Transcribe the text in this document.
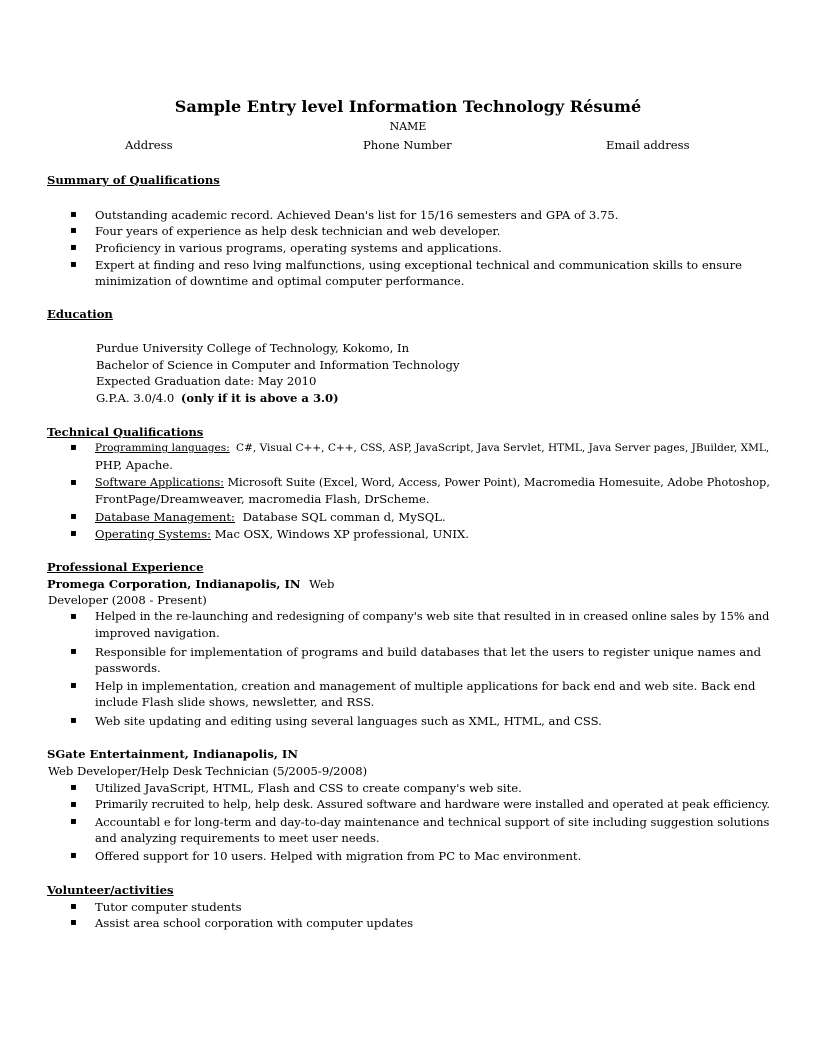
Sample Entry level Information Technology Résumé
NAME
Address	Phone Number	Email address
Summary of Qualifications
▪ Outstanding academic record. Achieved Dean's list for 15/16 semesters and GPA of 3.75.
▪ Four years of experience as help desk technician and web developer.
▪ Proficiency in various programs, operating systems and applications.
▪ Expert at finding and reso lving malfunctions, using exceptional technical and communication skills to ensure
minimization of downtime and optimal computer performance.
Education
Purdue University College of Technology, Kokomo, In
Bachelor of Science in Computer and Information Technology
Expected Graduation date: May 2010
G.P.A. 3.0/4.0 (only if it is above a 3.0)
Technical Qualifications
▪ Programming languages: C#, Visual C++, C++, CSS, ASP, JavaScript, Java Servlet, HTML, Java Server pages, JBuilder, XML,
PHP, Apache.
▪ Software Applications: Microsoft Suite (Excel, Word, Access, Power Point), Macromedia Homesuite, Adobe Photoshop,
FrontPage/Dreamweaver, macromedia Flash, DrScheme.
▪ Database Management: Database SQL comman d, MySQL.
▪ Operating Systems: Mac OSX, Windows XP professional, UNIX.
Professional Experience
Promega Corporation, Indianapolis, IN Web
Developer (2008 - Present)
▪ Helped in the re-launching and redesigning of company's web site that resulted in in creased online sales by 15% and
improved navigation.
▪ Responsible for implementation of programs and build databases that let the users to register unique names and
passwords.
▪ Help in implementation, creation and management of multiple applications for back end and web site. Back end
include Flash slide shows, newsletter, and RSS.
▪ Web site updating and editing using several languages such as XML, HTML, and CSS.
SGate Entertainment, Indianapolis, IN
Web Developer/Help Desk Technician (5/2005-9/2008)
▪ Utilized JavaScript, HTML, Flash and CSS to create company's web site.
▪ Primarily recruited to help, help desk. Assured software and hardware were installed and operated at peak efficiency.
▪ Accountabl e for long-term and day-to-day maintenance and technical support of site including suggestion solutions
and analyzing requirements to meet user needs.
▪ Offered support for 10 users. Helped with migration from PC to Mac environment.
Volunteer/activities
▪ Tutor computer students
▪ Assist area school corporation with computer updates
